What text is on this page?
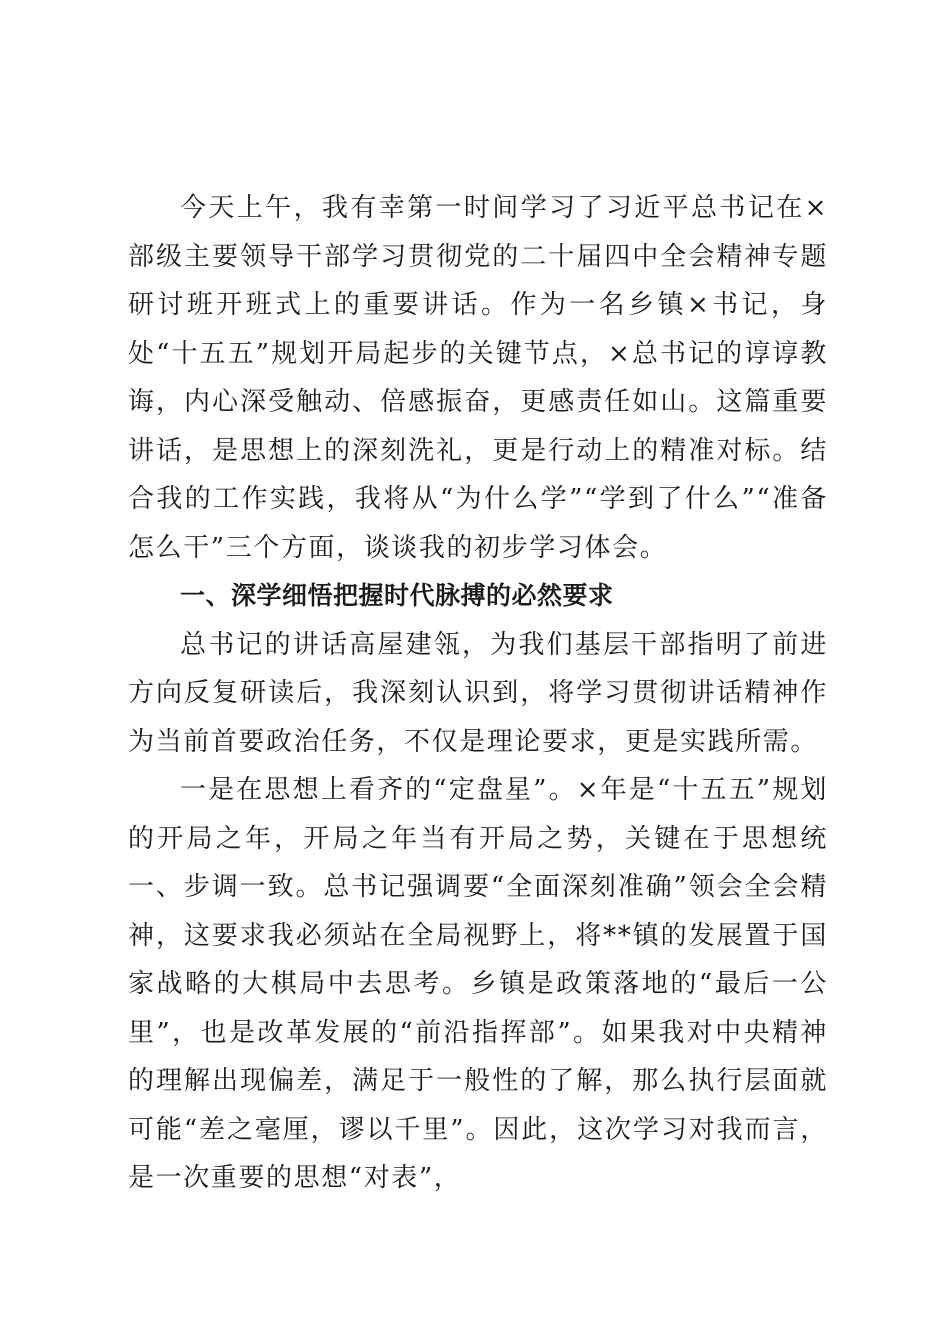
今天上午，我有幸第一时间学习了习近平总书记在×部级主要领导干部学习贯彻党的二十届四中全会精神专题研讨班开班式上的重要讲话。作为一名乡镇×书记，身处“十五五”规划开局起步的关键节点，×总书记的谆谆教诲，内心深受触动、倍感振奋，更感责任如山。这篇重要讲话，是思想上的深刻洗礼，更是行动上的精准对标。结合我的工作实践，我将从“为什么学”“学到了什么”“准备怎么干”三个方面，谈谈我的初步学习体会。

一、深学细悟把握时代脉搏的必然要求

总书记的讲话高屋建瓴，为我们基层干部指明了前进方向反复研读后，我深刻认识到，将学习贯彻讲话精神作为当前首要政治任务，不仅是理论要求，更是实践所需。

一是在思想上看齐的“定盘星”。×年是“十五五”规划的开局之年，开局之年当有开局之势，关键在于思想统一、步调一致。总书记强调要“全面深刻准确”领会全会精神，这要求我必须站在全局视野上，将**镇的发展置于国家战略的大棋局中去思考。乡镇是政策落地的“最后一公里”，也是改革发展的“前沿指挥部”。如果我对中央精神的理解出现偏差，满足于一般性的了解，那么执行层面就可能“差之毫厘，谬以千里”。因此，这次学习对我而言，是一次重要的思想“对表”，
